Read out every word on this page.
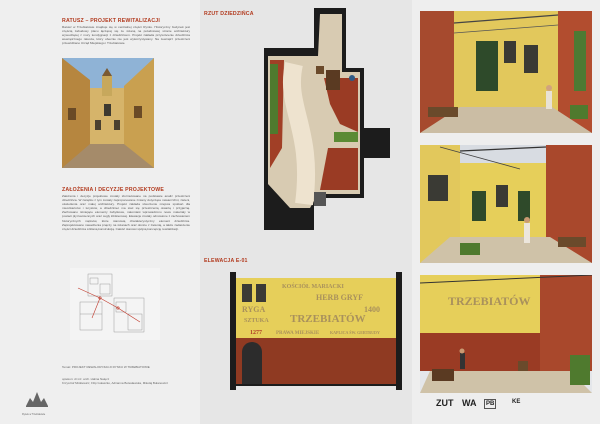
RATUSZ – PROJEKT REWITALIZACJI
Ratusz w Trzebiatowie znajduje się w centralnej części Rynku. Historyczny budynek jest częścią zabudowy placu łączącej się ze ścianą na południowej stronie architektury wywodzącej z mury kondygnacji z dziedzińcem. Projekt zakłada przywrócenie dziedzińca wewnętrznego ratusza, który obecnie nie jest wykorzystywany. Na zewnątrz przestrzeni przewidziano Urząd Miejskiego i Trzebiatowie.
ZAŁOŻENIA I DECYZJE PROJEKTOWE
Założenia i decyzje projektowe zostały sformułowane na podstawie analiz przestrzeni dziedzińca. W związku z tym zostały zaproponowane zmiany dotyczące nawierzchni, zieleni, oświetlenia oraz małej architektury. Projekt zakłada stworzenie miejsca spotkań dla mieszkańców i turystów, a dziedziniec ma stać się przestrzenią otwartą i przyjazną. Zachowano istniejące elementy zabytkowe, natomiast wprowadzono nowe materiały w postaci płyt kamiennych oraz cegły klinkierowej. Elewacje zostały odnowione z zachowaniem historycznych napisów, które stanowią charakterystyczny element dziedzińca. Zaprojektowano nasadzenia pnączy na ścianach oraz donice z zielenią, a także zadaszenie części dziedzińca szklaną konstrukcją. Całość stanowi spójną koncepcję rewitalizacji.
Temat: PROJEKT REWALORYZACJI RYNKU W TRZEBIATOWIE
opiekun: dr inż. arch. Halina Nalęcz
Krzysztof Miśkiewicz, Filip Gołaszko, Adrianna Bolesławska, Mikołaj Bułanowicz
Rynek w Trzebiatowie
RZUT DZIEDZIŃCA
ELEWACJA E-01
KOŚCIÓŁ MARIACKI
HERB GRYF
RYGA
SZTUKA TRZEBIATÓW
1400
1277	PRAWA MIEJSKIE	KAPLICA ŚW. GERTRUDY
TRZEBIATÓW
ZUT WA	PB	KE
